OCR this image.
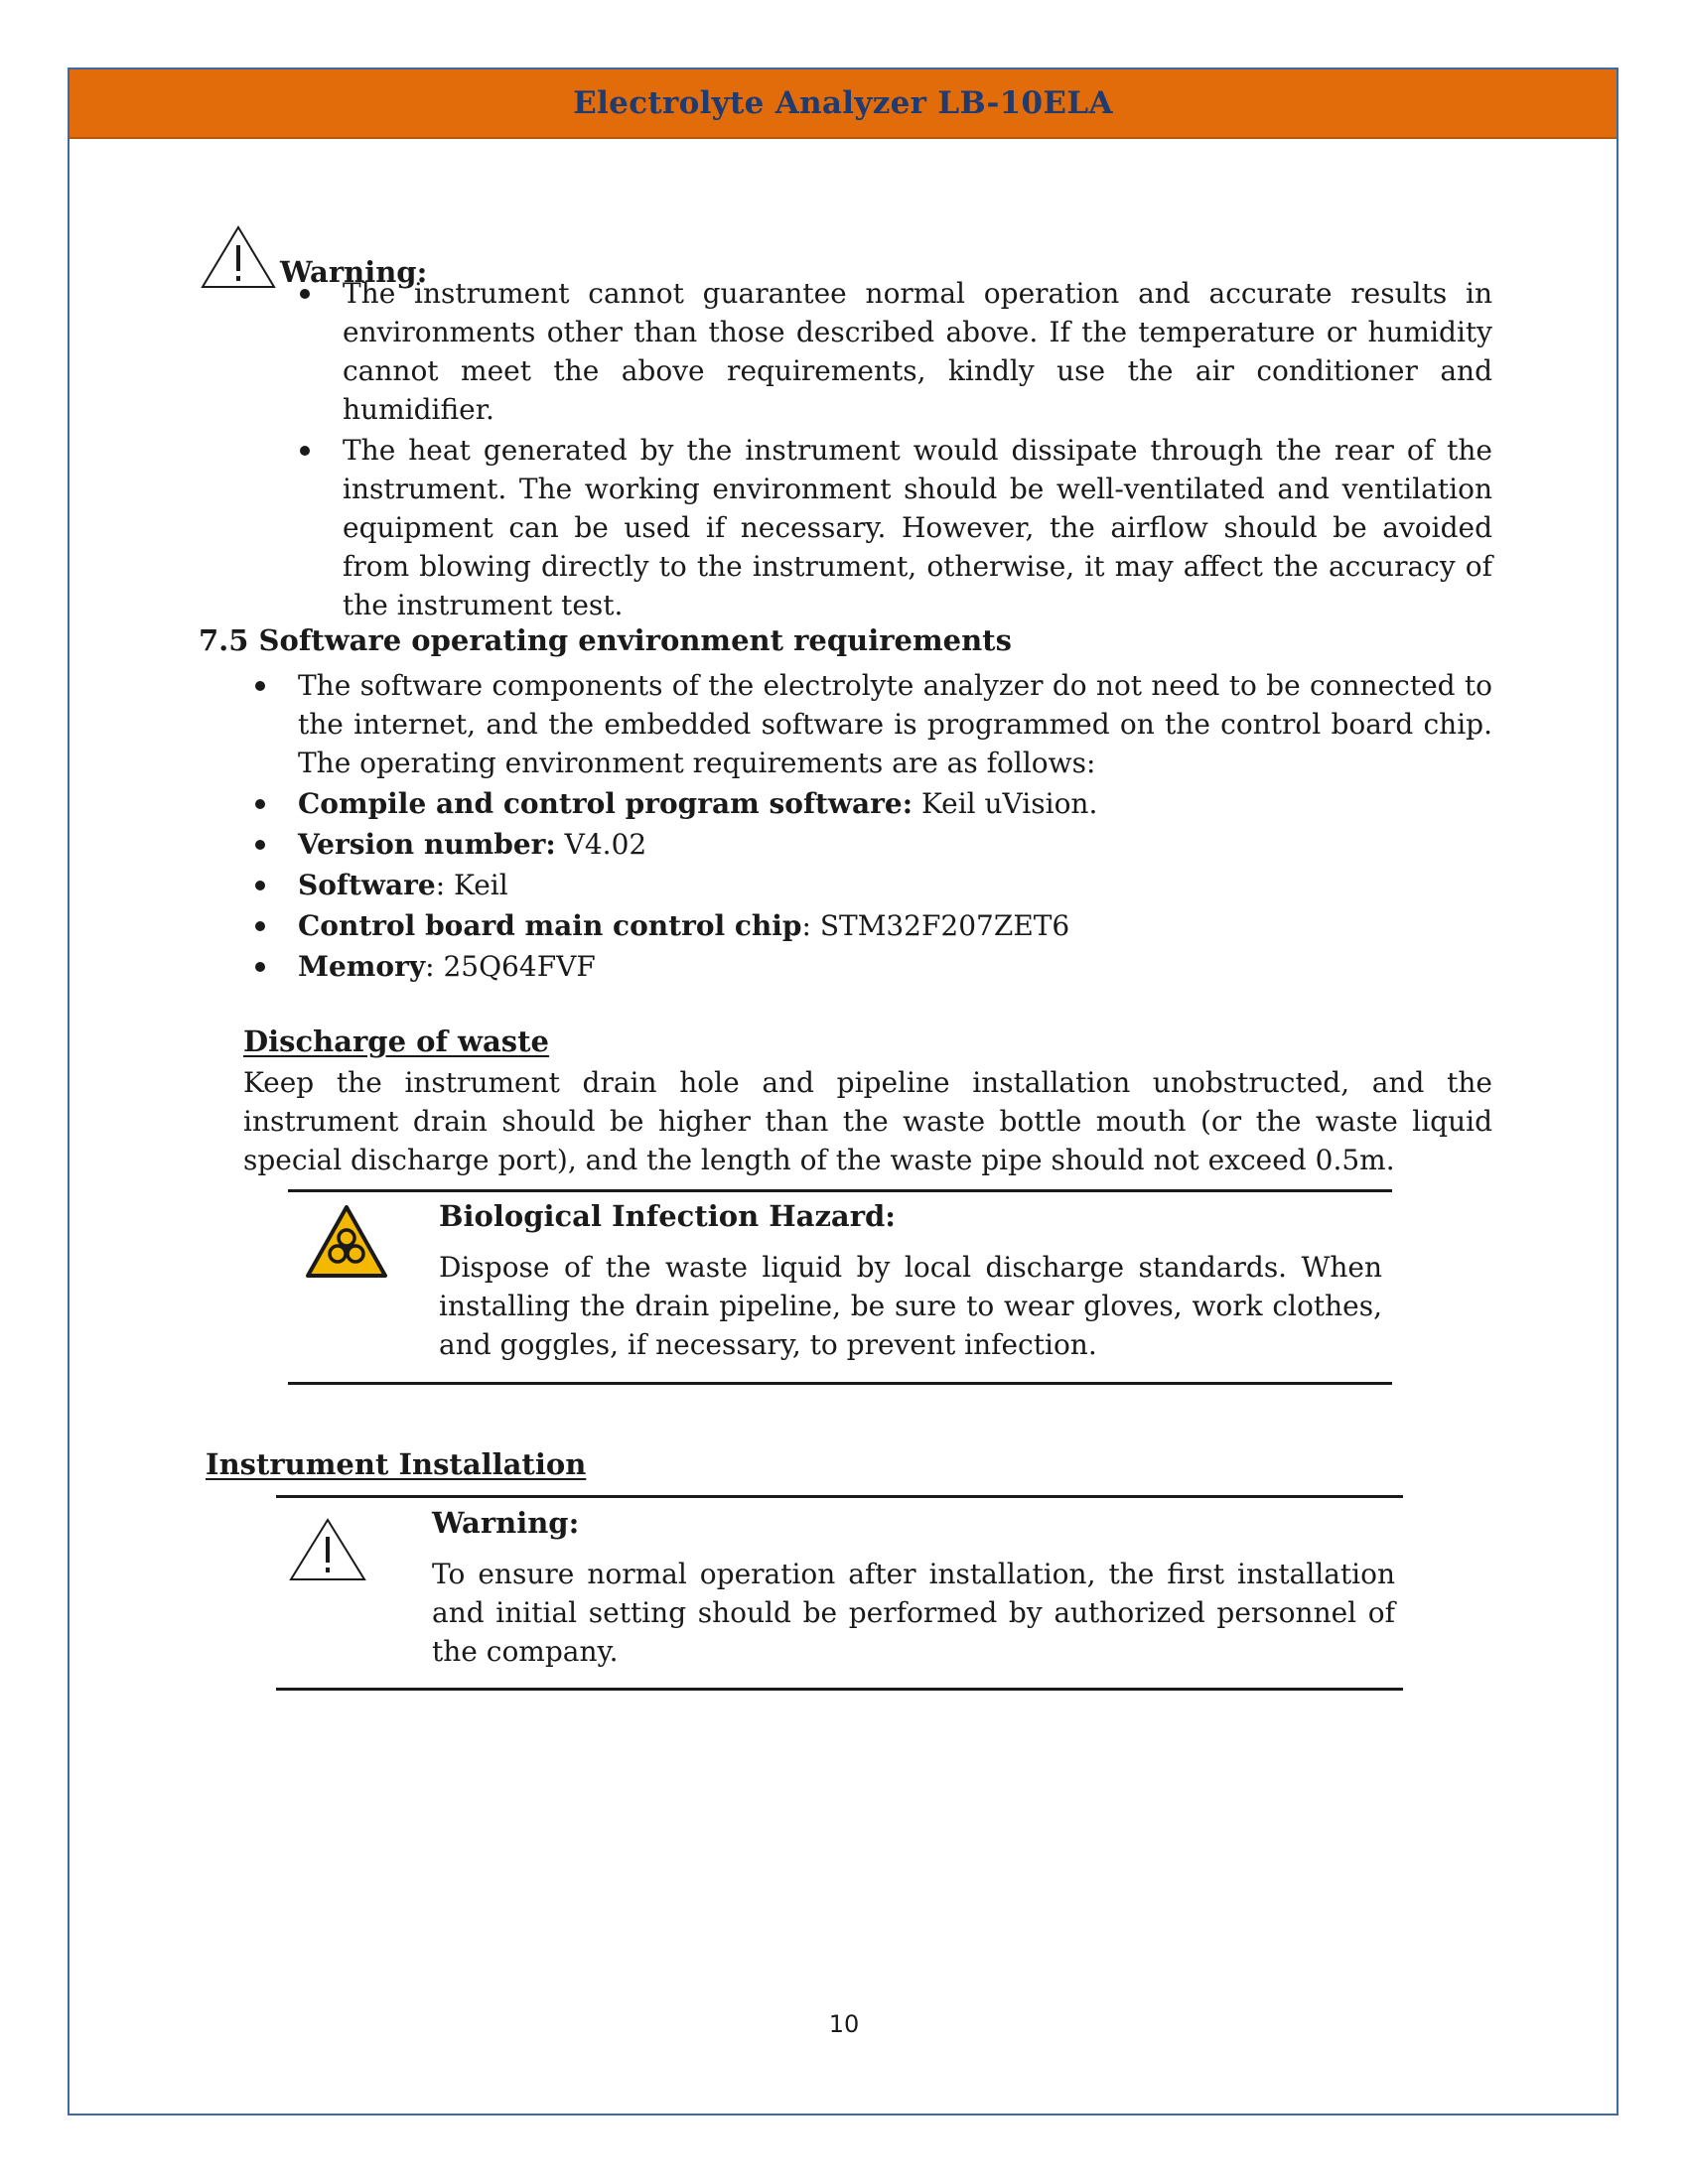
Electrolyte Analyzer LB-10ELA
Warning:
The instrument cannot guarantee normal operation and accurate results in environments other than those described above. If the temperature or humidity cannot meet the above requirements, kindly use the air conditioner and humidifier.
The heat generated by the instrument would dissipate through the rear of the instrument. The working environment should be well-ventilated and ventilation equipment can be used if necessary. However, the airflow should be avoided from blowing directly to the instrument, otherwise, it may affect the accuracy of the instrument test.
7.5 Software operating environment requirements
The software components of the electrolyte analyzer do not need to be connected to the internet, and the embedded software is programmed on the control board chip. The operating environment requirements are as follows:
Compile and control program software: Keil uVision.
Version number: V4.02
Software: Keil
Control board main control chip: STM32F207ZET6
Memory: 25Q64FVF
Discharge of waste
Keep the instrument drain hole and pipeline installation unobstructed, and the instrument drain should be higher than the waste bottle mouth (or the waste liquid special discharge port), and the length of the waste pipe should not exceed 0.5m.
Biological Infection Hazard:
Dispose of the waste liquid by local discharge standards. When installing the drain pipeline, be sure to wear gloves, work clothes, and goggles, if necessary, to prevent infection.
Instrument Installation
Warning:
To ensure normal operation after installation, the first installation and initial setting should be performed by authorized personnel of the company.
10
